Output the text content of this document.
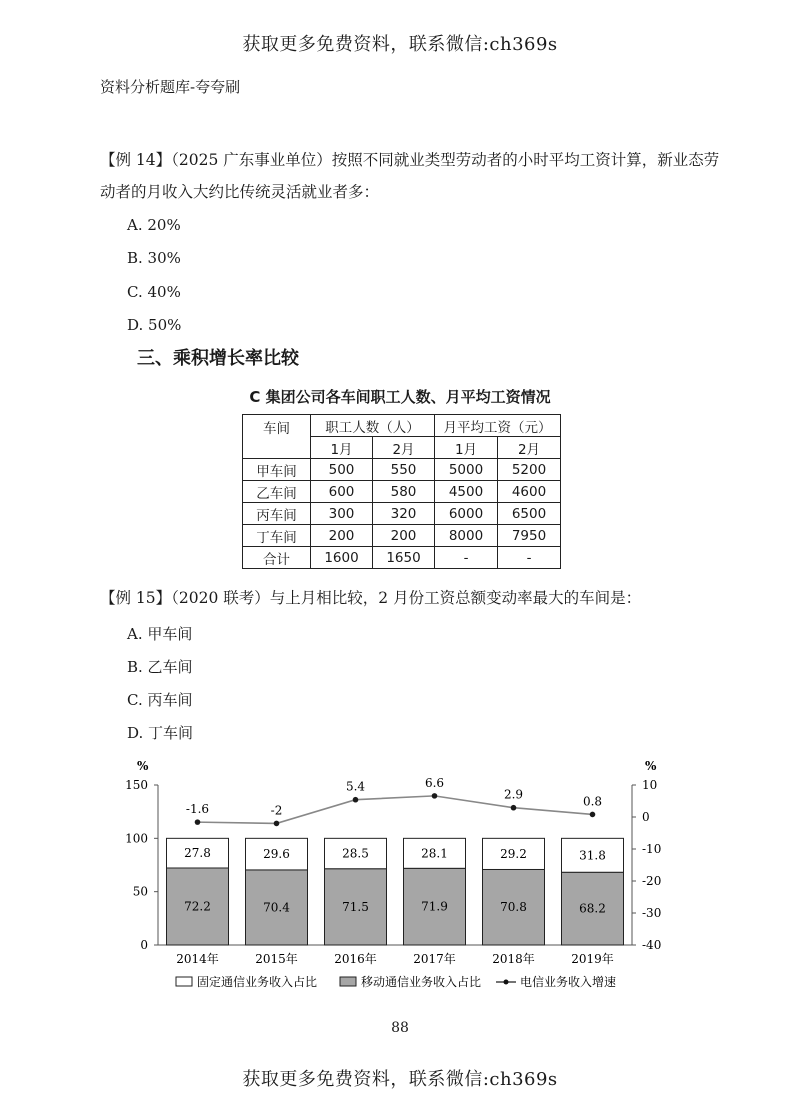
获取更多免费资料，联系微信:ch369s
资料分析题库-夸夸刷
【例 14】（2025 广东事业单位）按照不同就业类型劳动者的小时平均工资计算，新业态劳
动者的月收入大约比传统灵活就业者多：
A. 20%
B. 30%
C. 40%
D. 50%
三、乘积增长率比较
C 集团公司各车间职工人数、月平均工资情况
车间	职工人数（人）		月平均工资（元）	
	1月	2月	1月	2月
甲车间	500	550	5000	5200
乙车间	600	580	4500	4600
丙车间	300	320	6000	6500
丁车间	200	200	8000	7950
合计	1600	1650	-	-
【例 15】（2020 联考）与上月相比较，2 月份工资总额变动率最大的车间是：
A. 甲车间
B. 乙车间
C. 丙车间
D. 丁车间
%	%
0
50
100
150
-40
-30
-20
-10
0
10
72.2
27.8
2014年
70.4
29.6
2015年
71.5
28.5
2016年
71.9
28.1
2017年
70.8
29.2
2018年
68.2
31.8
2019年
-1.6	-2
5.4	6.6
2.9	0.8
固定通信业务收入占比	移动通信业务收入占比	电信业务收入增速
88
获取更多免费资料，联系微信:ch369s
